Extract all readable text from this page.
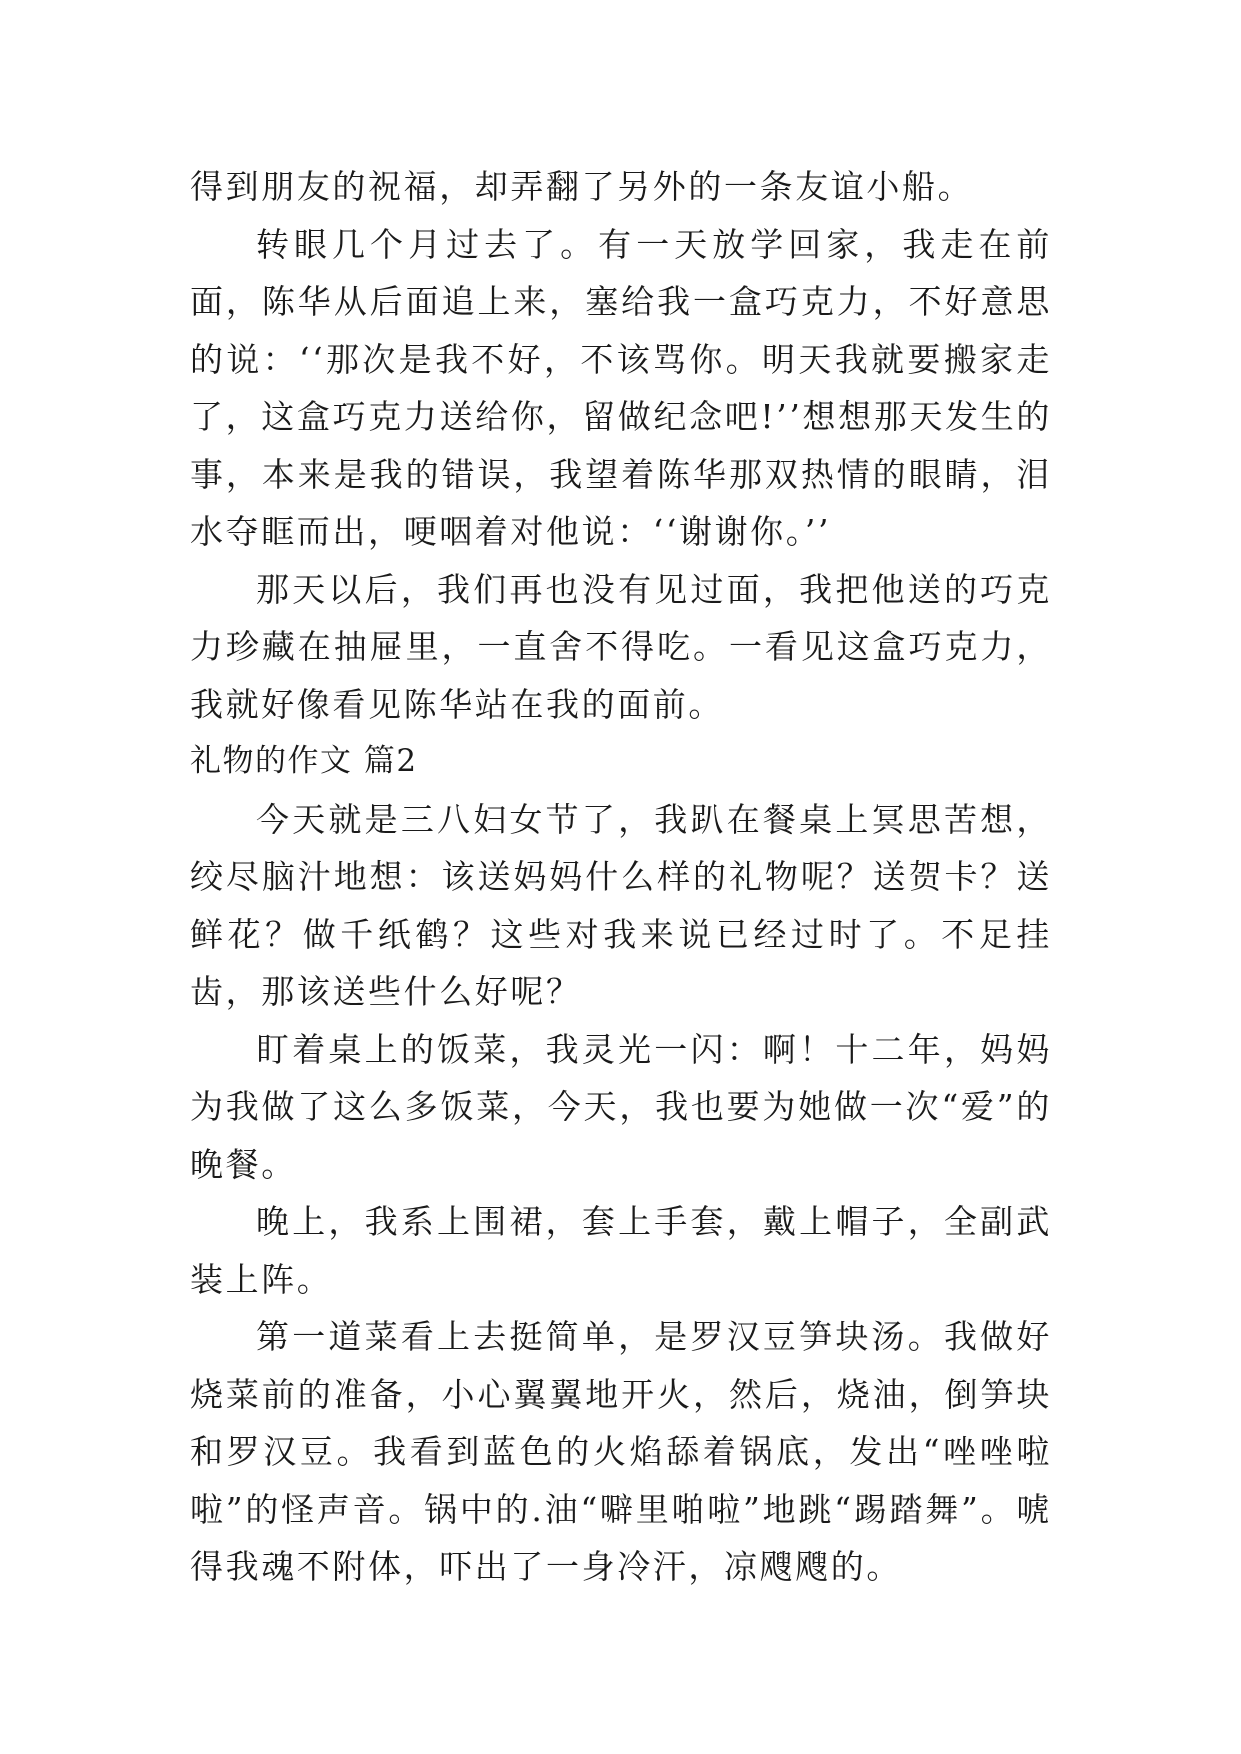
得到朋友的祝福，却弄翻了另外的一条友谊小船。

转眼几个月过去了。有一天放学回家，我走在前面，陈华从后面追上来，塞给我一盒巧克力，不好意思的说：‘‘那次是我不好，不该骂你。明天我就要搬家走了，这盒巧克力送给你，留做纪念吧!’’想想那天发生的事，本来是我的错误，我望着陈华那双热情的眼睛，泪水夺眶而出，哽咽着对他说：‘‘谢谢你。’’

那天以后，我们再也没有见过面，我把他送的巧克力珍藏在抽屉里，一直舍不得吃。一看见这盒巧克力，我就好像看见陈华站在我的面前。

礼物的作文 篇2

今天就是三八妇女节了，我趴在餐桌上冥思苦想，绞尽脑汁地想：该送妈妈什么样的礼物呢？送贺卡？送鲜花？做千纸鹤？这些对我来说已经过时了。不足挂齿，那该送些什么好呢？

盯着桌上的饭菜，我灵光一闪：啊！十二年，妈妈为我做了这么多饭菜，今天，我也要为她做一次“爱”的晚餐。

晚上，我系上围裙，套上手套，戴上帽子，全副武装上阵。

第一道菜看上去挺简单，是罗汉豆笋块汤。我做好烧菜前的准备，小心翼翼地开火，然后，烧油，倒笋块和罗汉豆。我看到蓝色的火焰舔着锅底，发出“唑唑啦啦”的怪声音。锅中的.油“噼里啪啦”地跳“踢踏舞”。唬得我魂不附体，吓出了一身冷汗，凉飕飕的。
